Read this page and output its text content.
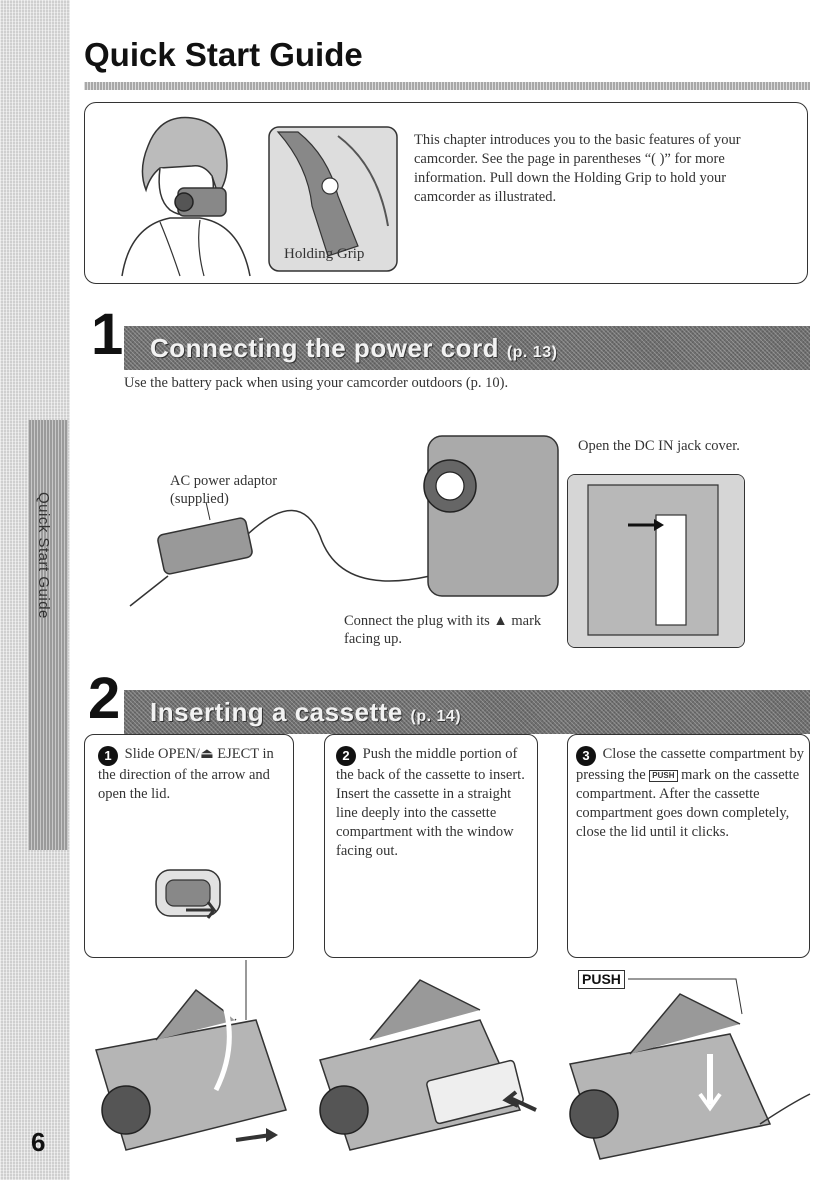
Quick Start Guide
6
Quick Start Guide
Holding Grip
This chapter introduces you to the basic features of your camcorder. See the page in parentheses “( )” for more information. Pull down the Holding Grip to hold your camcorder as illustrated.
1 Connecting the power cord (p. 13)
Use the battery pack when using your camcorder outdoors (p. 10).
AC power adaptor (supplied)
Open the DC IN jack cover.
Connect the plug with its ▲ mark facing up.
2 Inserting a cassette (p. 14)
1 Slide OPEN/⏏ EJECT in the direction of the arrow and open the lid.
2 Push the middle portion of the back of the cassette to insert. Insert the cassette in a straight line deeply into the cassette compartment with the window facing out.
3 Close the cassette compartment by pressing the PUSH mark on the cassette compartment. After the cassette compartment goes down completely, close the lid until it clicks.
PUSH
